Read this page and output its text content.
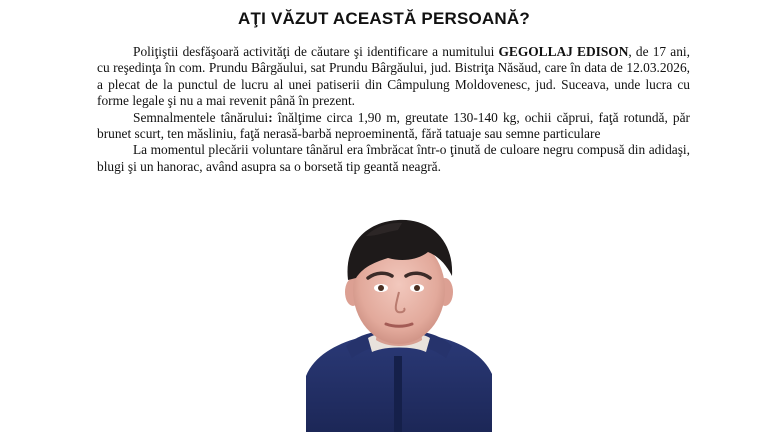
AŢI VĂZUT ACEASTĂ PERSOANĂ?

Poliţiştii desfăşoară activităţi de căutare şi identificare a numitului GEGOLLAJ EDISON, de 17 ani, cu reşedinţa în com. Prundu Bârgăului, sat Prundu Bârgăului, jud. Bistriţa Năsăud, care în data de 12.03.2026, a plecat de la punctul de lucru al unei patiserii din Câmpulung Moldovenesc, jud. Suceava, unde lucra cu forme legale şi nu a mai revenit până în prezent.

Semnalmentele tânărului: înălţime circa 1,90 m, greutate 130-140 kg, ochii căprui, faţă rotundă, păr brunet scurt, ten măsliniu, faţă nerasă-barbă neproeminentă, fără tatuaje sau semne particulare

La momentul plecării voluntare tânărul era îmbrăcat într-o ţinută de culoare negru compusă din adidaşi, blugi şi un hanorac, având asupra sa o borsetă tip geantă neagră.
